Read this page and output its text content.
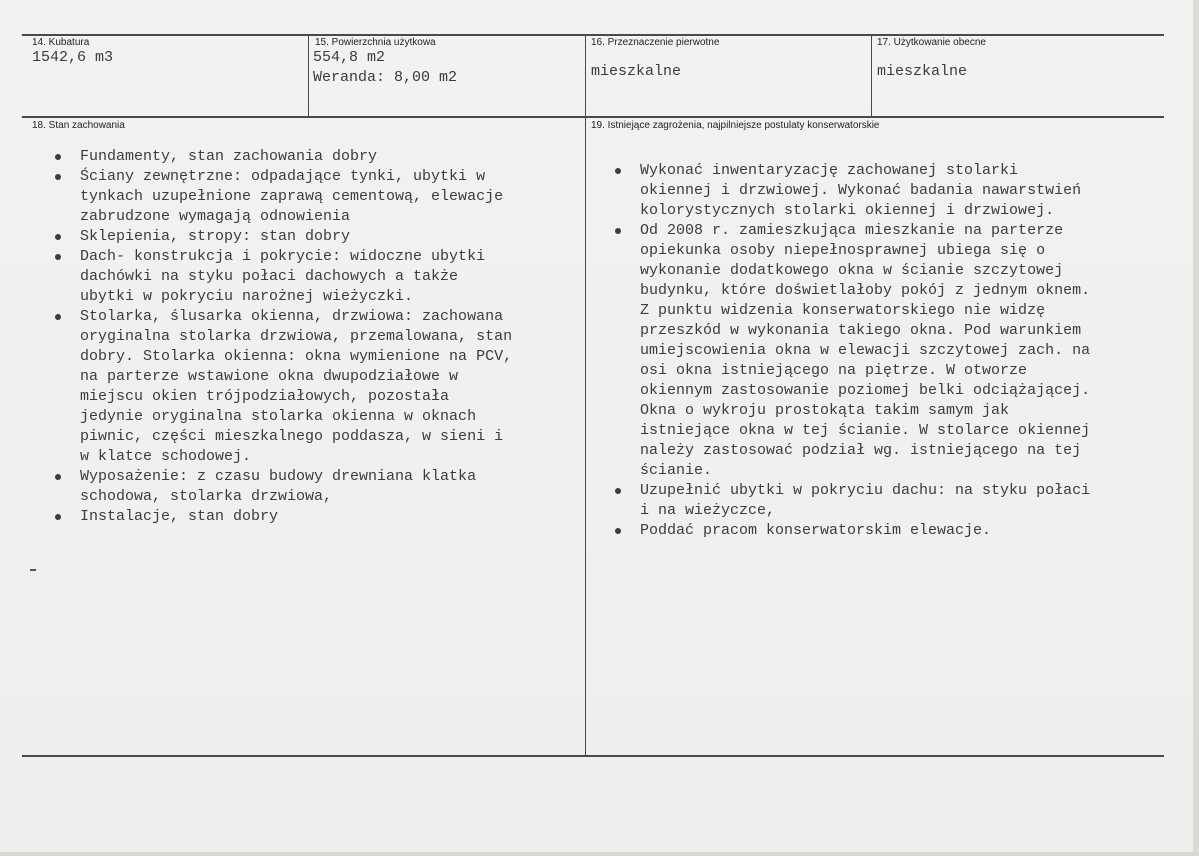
14. Kubatura
1542,6 m3
15. Powierzchnia użytkowa
554,8 m2
Weranda: 8,00 m2
16. Przeznaczenie pierwotne
mieszkalne
17. Użytkowanie obecne
mieszkalne
18. Stan zachowania
Fundamenty, stan zachowania dobry
Ściany zewnętrzne: odpadające tynki, ubytki w
tynkach uzupełnione zaprawą cementową, elewacje
zabrudzone wymagają odnowienia
Sklepienia, stropy: stan dobry
Dach- konstrukcja i pokrycie: widoczne ubytki
dachówki na styku połaci dachowych a także
ubytki w pokryciu narożnej wieżyczki.
Stolarka, ślusarka okienna, drzwiowa: zachowana
oryginalna stolarka drzwiowa, przemalowana, stan
dobry. Stolarka okienna: okna wymienione na PCV,
na parterze wstawione okna dwupodziałowe w
miejscu okien trójpodziałowych, pozostała
jedynie oryginalna stolarka okienna w oknach
piwnic, części mieszkalnego poddasza, w sieni i
w klatce schodowej.
Wyposażenie: z czasu budowy drewniana klatka
schodowa, stolarka drzwiowa,
Instalacje, stan dobry
19. Istniejące zagrożenia, najpilniejsze postulaty konserwatorskie
Wykonać inwentaryzację zachowanej stolarki
okiennej i drzwiowej. Wykonać badania nawarstwień
kolorystycznych stolarki okiennej i drzwiowej.
Od 2008 r. zamieszkująca mieszkanie na parterze
opiekunka osoby niepełnosprawnej ubiega się o
wykonanie dodatkowego okna w ścianie szczytowej
budynku, które doświetlałoby pokój z jednym oknem.
Z punktu widzenia konserwatorskiego nie widzę
przeszkód w wykonania takiego okna. Pod warunkiem
umiejscowienia okna w elewacji szczytowej zach. na
osi okna istniejącego na piętrze. W otworze
okiennym zastosowanie poziomej belki odciążającej.
Okna o wykroju prostokąta takim samym jak
istniejące okna w tej ścianie. W stolarce okiennej
należy zastosować podział wg. istniejącego na tej
ścianie.
Uzupełnić ubytki w pokryciu dachu: na styku połaci
i na wieżyczce,
Poddać pracom konserwatorskim elewacje.
